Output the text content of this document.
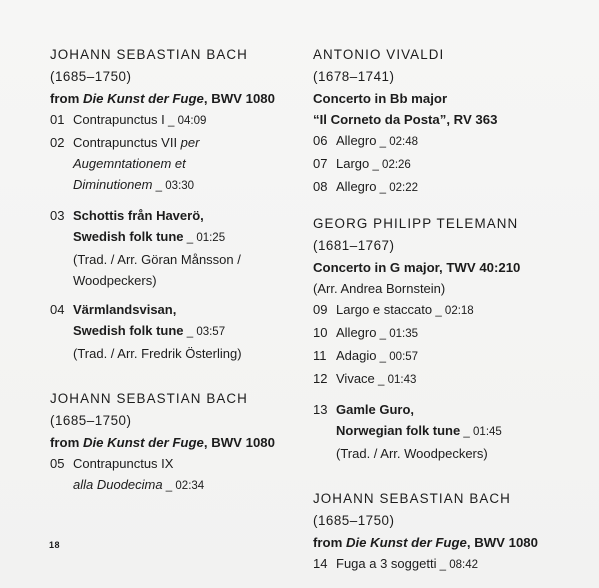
JOHANN SEBASTIAN BACH
(1685–1750)
from Die Kunst der Fuge, BWV 1080
01 Contrapunctus I _ 04:09
02 Contrapunctus VII per
Augemntationem et
Diminutionem _ 03:30
03 Schottis från Haverö,
Swedish folk tune _ 01:25
(Trad. / Arr. Göran Månsson /
Woodpeckers)
04 Värmlandsvisan,
Swedish folk tune _ 03:57
(Trad. / Arr. Fredrik Österling)
JOHANN SEBASTIAN BACH
(1685–1750)
from Die Kunst der Fuge, BWV 1080
05 Contrapunctus IX
alla Duodecima _ 02:34
ANTONIO VIVALDI
(1678–1741)
Concerto in Bb major
“Il Corneto da Posta”, RV 363
06 Allegro _ 02:48
07 Largo _ 02:26
08 Allegro _ 02:22
GEORG PHILIPP TELEMANN
(1681–1767)
Concerto in G major, TWV 40:210
(Arr. Andrea Bornstein)
09 Largo e staccato _ 02:18
10 Allegro _ 01:35
11 Adagio _ 00:57
12 Vivace _ 01:43
13 Gamle Guro,
Norwegian folk tune _ 01:45
(Trad. / Arr. Woodpeckers)
JOHANN SEBASTIAN BACH
(1685–1750)
from Die Kunst der Fuge, BWV 1080
14 Fuga a 3 soggetti _ 08:42
18
